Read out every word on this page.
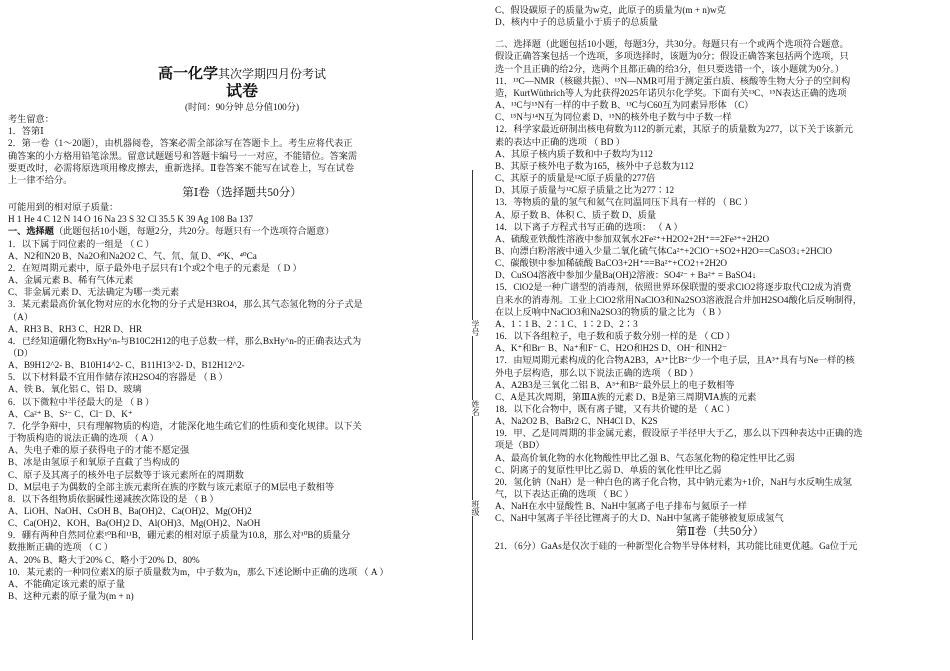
高一化学其次学期四月份考试

试卷

(时间：90分钟 总分值100分)

考生留意：

1．答第Ⅰ

2．第一卷（1～20题），由机器阅卷，答案必需全部涂写在答题卡上。考生应将代表正

确答案的小方格用铅笔涂黑。留意试题题号和答题卡编号一一对应，不能错位。答案需

要更改时，必需将原选项用橡皮擦去，重新选择。Ⅱ卷答案不能写在试卷上，写在试卷

上一律不给分。

第Ⅰ卷（选择题共50分）

可能用到的相对原子质量：

H 1 He 4 C 12 N 14 O 16 Na 23 S 32 Cl 35.5 K 39 Ag 108 Ba 137

一、选择题（此题包括10小题，每题2分，共20分。每题只有一个选项符合题意）

1．以下属于同位素的一组是 （ C ）

A、N2和N20 B、Na2O和Na2O2 C、气、氘、氚 D、⁴⁰K、⁴⁰Ca

2．在短周期元素中，原子最外电子层只有1个或2个电子的元素是 （ D ）

A、金属元素 B、稀有气体元素

C、非金属元素 D、无法确定为哪一类元素

3．某元素最高价氧化物对应的水化物的分子式是H3RO4，那么其气态氢化物的分子式是

（A）

A、RH3 B、RH3 C、H2R D、HR

4．已经知道硼化物BxHy^n-与B10C2H12的电子总数一样，那么BxHy^n-的正确表达式为

（D）

A、B9H12^2- B、B10H14^2- C、B11H13^2- D、B12H12^2-

5．以下材料最不宜用作储存浓H2SO4的容器是 （ B ）

A、铁 B、氧化铝 C、铝 D、玻璃

6．以下微粒中半径最大的是 （ B ）

A、Ca²⁺ B、S²⁻ C、Cl⁻ D、K⁺

7．化学争辩中，只有理解物质的构造，才能深化地生疏它们的性质和变化规律。以下关

于物质构造的说法正确的选项 （ A ）

A、失电子难的原子获得电子的才能不愿定强

B、冰是由氢原子和氧原子直截了当构成的

C、原子及其离子的核外电子层数等于该元素所在的周期数

D、M层电子为偶数的全部主族元素所在族的序数与该元素原子的M层电子数相等

8．以下各组物质依据碱性递减挨次陈设的是 （ B ）

A、LiOH、NaOH、CsOH B、Ba(OH)2、Ca(OH)2、Mg(OH)2

C、Ca(OH)2、KOH、Ba(OH)2 D、Al(OH)3、Mg(OH)2、NaOH

9．硼有两种自然同位素¹⁰B和¹¹B，硼元素的相对原子质量为10.8，那么对¹⁰B的质量分

数推断正确的选项 （ C ）

A、20% B、略大于20% C、略小于20% D、80%

10．某元素的一种同位素X的原子质量数为m，中子数为n，那么下述论断中正确的选项 （ A ）

A、不能确定该元素的原子量

B、这种元素的原子量为(m + n)

学号
姓名
班级

C、假设碳原子的质量为w克，此原子的质量为(m + n)w克

D、核内中子的总质量小于质子的总质量

二、选择题（此题包括10小题，每题3分，共30分。每题只有一个或两个选项符合题意。

假设正确答案包括一个选项，多项选择时，该题为0分；假设正确答案包括两个选项，只

选一个且正确的给2分，选两个且都正确的给3分，但只要选错一个，该小题就为0分。）

11．¹³C—NMR（核磁共振）、¹⁵N—NMR可用于测定蛋白质、核酸等生物大分子的空间构

造，KurtWüthrich等人为此获得2025年诺贝尔化学奖。下面有关¹³C、¹⁵N表达正确的选项

A、¹³C与¹⁵N有一样的中子数 B、¹³C与C60互为同素异形体 （C）

C、¹⁵N与¹⁴N互为同位素 D、¹⁵N的核外电子数与中子数一样

12．科学家最近研制出核电荷数为112的新元素，其原子的质量数为277，以下关于该新元

素的表达中正确的选项 （ BD ）

A、其原子核内质子数和中子数均为112

B、其原子核外电子数为165，核外中子总数为112

C、其原子的质量是¹²C原子质量的277倍

D、其原子质量与¹²C原子质量之比为277∶12

13．等物质的量的氢气和氦气在同温同压下具有一样的 （ BC ）

A、原子数 B、体积 C、质子数 D、质量

14．以下离子方程式书写正确的选项： （ A ）

A、硫酸亚铁酸性溶液中参加双氧水2Fe²⁺+H2O2+2H⁺==2Fe³⁺+2H2O

B、向漂白粉溶液中通入少量二氧化硫气体Ca²⁺+2ClO⁻+SO2+H2O==CaSO3↓+2HClO

C、碳酸钡中参加稀硫酸 BaCO3+2H⁺==Ba²⁺+CO2↑+2H2O

D、CuSO4溶液中参加少量Ba(OH)2溶液：SO4²⁻ + Ba²⁺ = BaSO4↓

15．ClO2是一种广谱型的消毒剂，依照世界环保联盟的要求ClO2将逐步取代Cl2成为消费

自来水的消毒剂。工业上ClO2常用NaClO3和Na2SO3溶液混合并加H2SO4酸化后反响制得，

在以上反响中NaClO3和Na2SO3的物质的量之比为 （ B ）

A、1∶1 B、2∶1 C、1∶2 D、2∶3

16．以下各组粒子，电子数和质子数分别一样的是 （ CD ）

A、K⁺和Br⁻ B、Na⁺和F⁻ C、H2O和H2S D、OH⁻和NH2⁻

17．由短周期元素构成的化合物A2B3，A³⁺比B²⁻少一个电子层，且A³⁺具有与Ne一样的核

外电子层构造，那么以下说法正确的选项 （ BD ）

A、A2B3是三氧化二铝 B、A³⁺和B²⁻最外层上的电子数相等

C、A是其次周期，第ⅢA族的元素 D、B是第三周期ⅥA族的元素

18．以下化合物中，既有离子键，又有共价键的是 （ AC ）

A、Na2O2 B、BaBr2 C、NH4Cl D、K2S

19．甲、乙是同周期的非金属元素，假设原子半径甲大于乙，那么以下四种表达中正确的选

项是（BD）

A、最高价氧化物的水化物酸性甲比乙强 B、气态氢化物的稳定性甲比乙弱

C、阴离子的复原性甲比乙弱 D、单质的氧化性甲比乙弱

20．氢化钠（NaH）是一种白色的离子化合物，其中钠元素为+1价，NaH与水反响生成氢

气，以下表达正确的选项 （ BC ）

A、NaH在水中显酸性 B、NaH中氢离子电子排布与氦原子一样

C、NaH中氢离子半径比锂离子的大 D、NaH中氢离子能够被复原成氢气

第Ⅱ卷（共50分）

21．（6分）GaAs是仅次于硅的一种新型化合物半导体材料，其功能比硅更优越。Ga位于元
